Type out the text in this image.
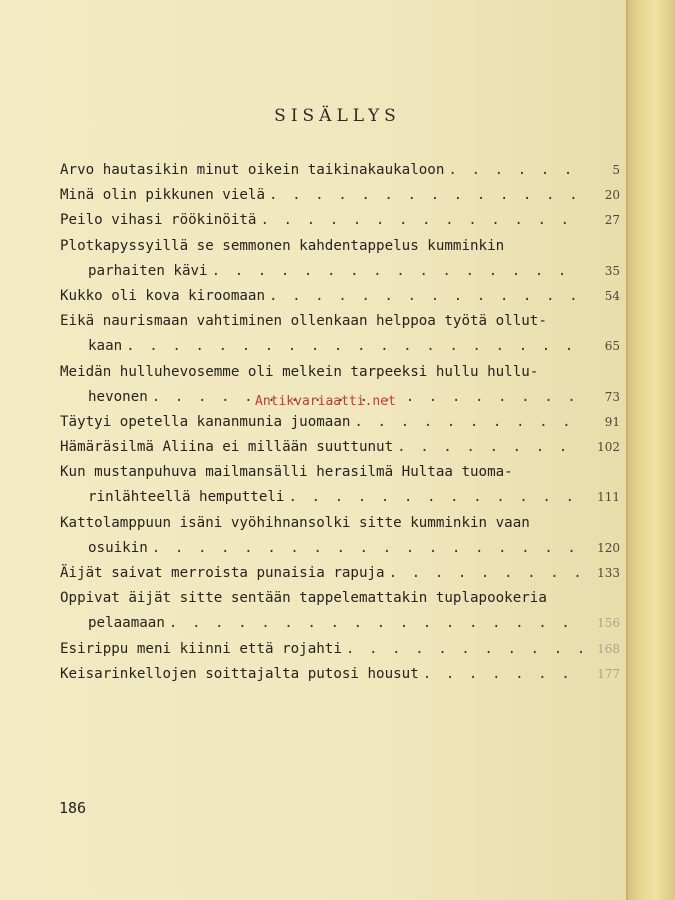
SISÄLLYS
Arvo hautasikin minut oikein taikinakaukaloon . . .	5
Minä olin pikkunen vielä . . .	20
Peilo vihasi röökinöitä . . .	27
Plotkapyssyillä se semmonen kahdentappelus kumminkin
parhaiten kävi . . .	35
Kukko oli kova kiroomaan . . .	54
Eikä naurismaan vahtiminen ollenkaan helppoa työtä ollut-
kaan . . .	65
Meidän hulluhevosemme oli melkein tarpeeksi hullu hullu-
hevonen . . .	73
Täytyi opetella kananmunia juomaan . . .	91
Hämäräsilmä Aliina ei millään suuttunut . . .	102
Kun mustanpuhuva mailmansälli herasilmä Hultaa tuoma-
rinlähteellä hemputteli . . .	111
Kattolamppuun isäni vyöhihnansolki sitte kumminkin vaan
osuikin . . .	120
Äijät saivat merroista punaisia rapuja . . .	133
Oppivat äijät sitte sentään tappelemattakin tuplapookeria
pelaamaan . . .	156
Esirippu meni kiinni että rojahti . . .	168
Keisarinkellojen soittajalta putosi housut . . .	177
186
Antikvariaatti.net
